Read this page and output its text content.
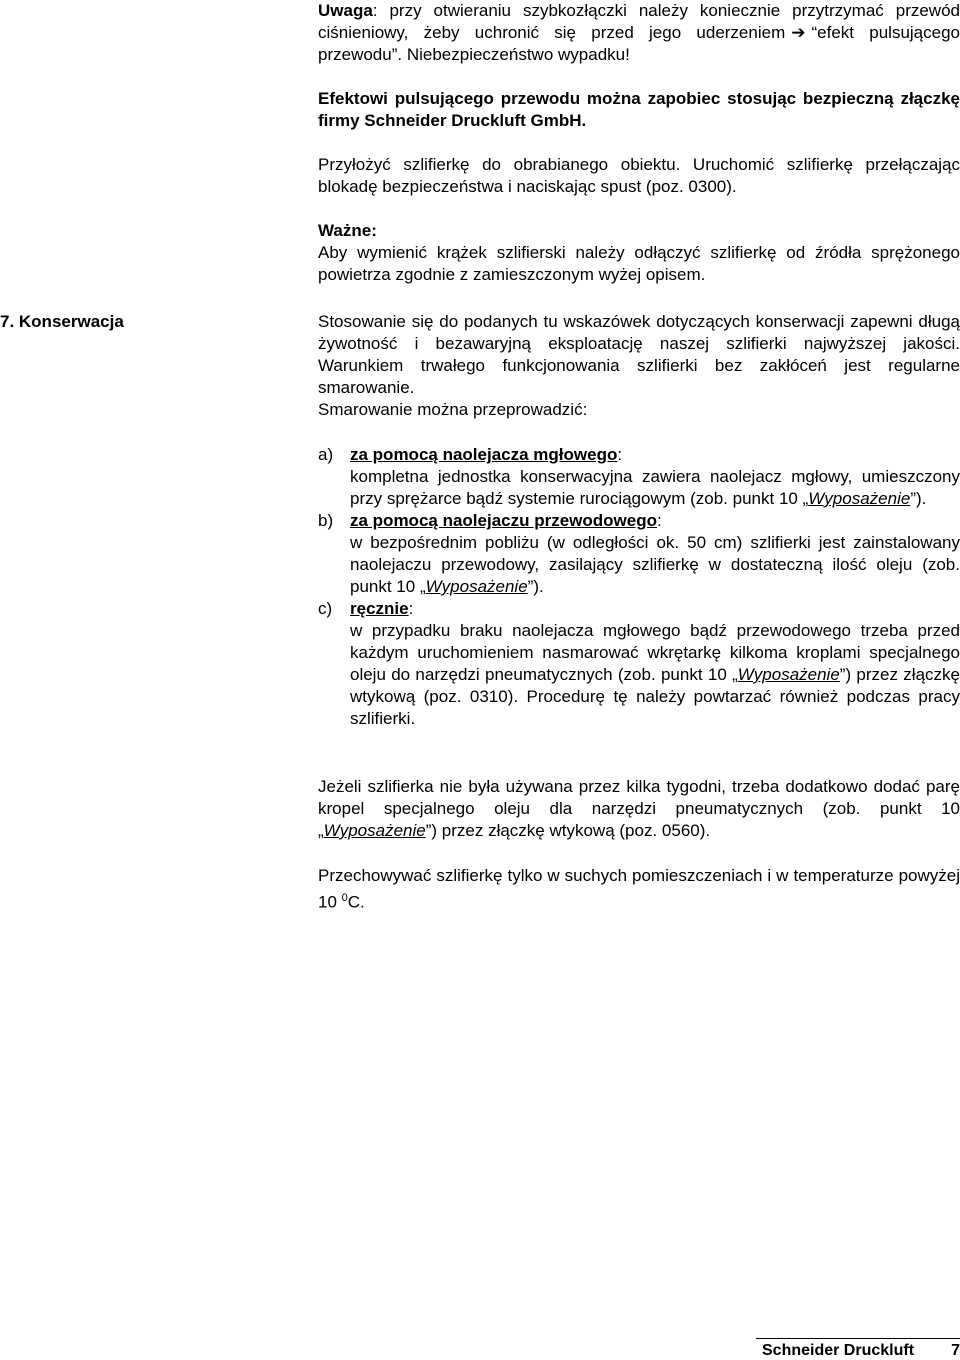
Uwaga: przy otwieraniu szybkozłączki należy koniecznie przytrzymać przewód ciśnieniowy, żeby uchronić się przed jego uderzeniem ➔ “efekt pulsującego przewodu”. Niebezpieczeństwo wypadku!

Efektowi pulsującego przewodu można zapobiec stosując bezpieczną złączkę firmy Schneider Druckluft GmbH.

Przyłożyć szlifierkę do obrabianego obiektu. Uruchomić szlifierkę przełączając blokadę bezpieczeństwa i naciskając spust (poz. 0300).

Ważne:
Aby wymienić krążek szlifierski należy odłączyć szlifierkę od źródła sprężonego powietrza zgodnie z zamieszczonym wyżej opisem.

7. Konserwacja	Stosowanie się do podanych tu wskazówek dotyczących konserwacji zapewni długą żywotność i bezawaryjną eksploatację naszej szlifierki najwyższej jakości. Warunkiem trwałego funkcjonowania szlifierki bez zakłóceń jest regularne smarowanie.

Smarowanie można przeprowadzić:

a) za pomocą naolejacza mgłowego:
kompletna jednostka konserwacyjna zawiera naolejacz mgłowy, umieszczony przy sprężarce bądź systemie rurociągowym (zob. punkt 10 „Wyposażenie”).
b) za pomocą naolejaczu przewodowego:
w bezpośrednim pobliżu (w odległości ok. 50 cm) szlifierki jest zainstalowany naolejaczu przewodowy, zasilający szlifierkę w dostateczną ilość oleju (zob. punkt 10 „Wyposażenie”).
c) ręcznie:
w przypadku braku naolejacza mgłowego bądź przewodowego trzeba przed każdym uruchomieniem nasmarować wkrętarkę kilkoma kroplami specjalnego oleju do narzędzi pneumatycznych (zob. punkt 10 „Wyposażenie”) przez złączkę wtykową (poz. 0310). Procedurę tę należy powtarzać również podczas pracy szlifierki.

Jeżeli szlifierka nie była używana przez kilka tygodni, trzeba dodatkowo dodać parę kropel specjalnego oleju dla narzędzi pneumatycznych (zob. punkt 10 „Wyposażenie”) przez złączkę wtykową (poz. 0560).

Przechowywać szlifierkę tylko w suchych pomieszczeniach i w temperaturze powyżej 10 $^0$C.

Schneider Druckluft 7
